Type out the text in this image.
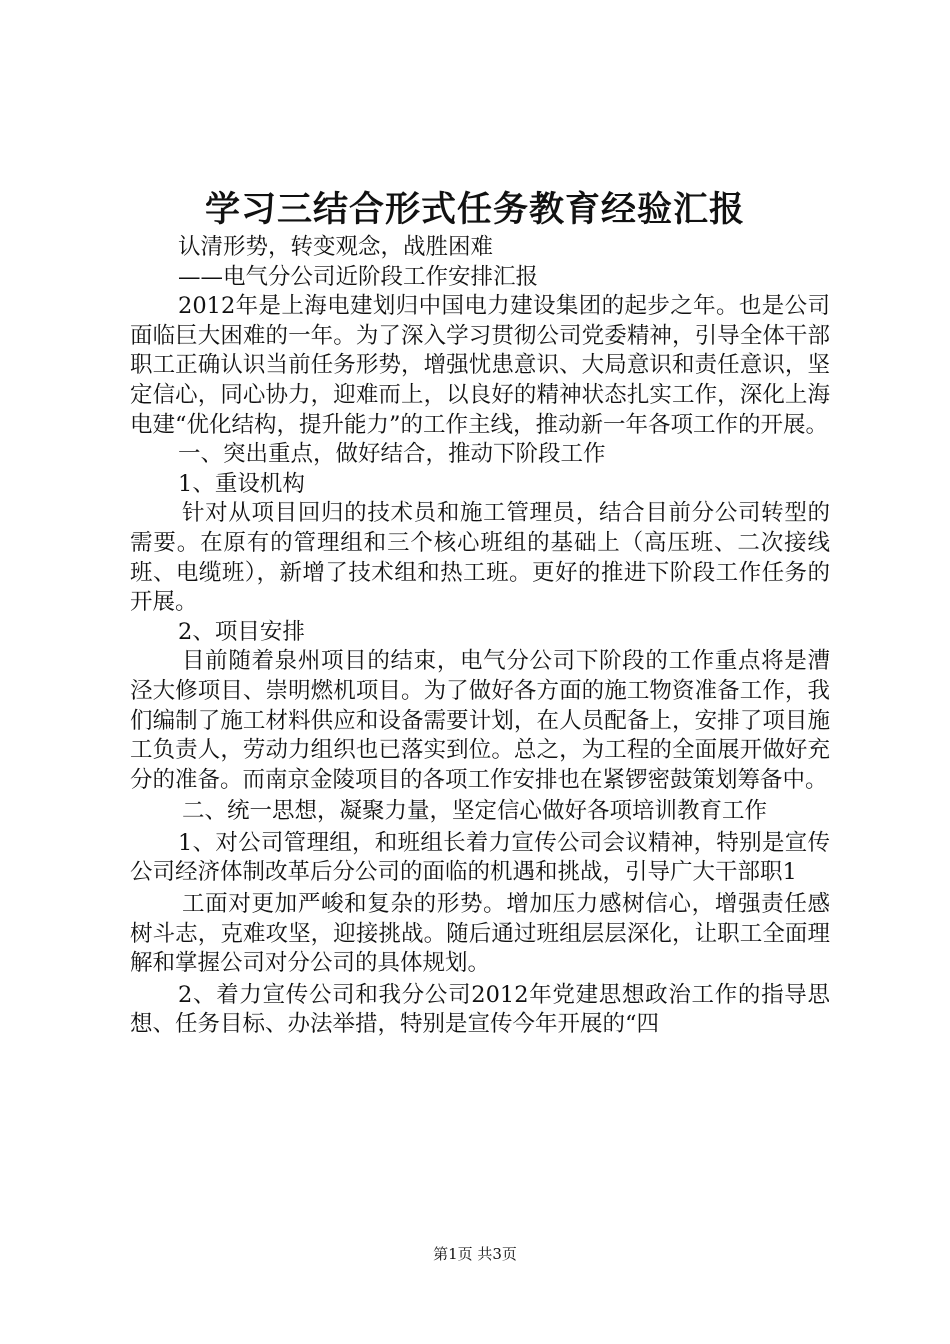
学习三结合形式任务教育经验汇报

认清形势，转变观念，战胜困难

——电气分公司近阶段工作安排汇报

2012年是上海电建划归中国电力建设集团的起步之年。也是公司面临巨大困难的一年。为了深入学习贯彻公司党委精神，引导全体干部职工正确认识当前任务形势，增强忧患意识、大局意识和责任意识，坚定信心，同心协力，迎难而上，以良好的精神状态扎实工作，深化上海电建“优化结构，提升能力”的工作主线，推动新一年各项工作的开展。

一、突出重点，做好结合，推动下阶段工作

1、重设机构

针对从项目回归的技术员和施工管理员，结合目前分公司转型的需要。在原有的管理组和三个核心班组的基础上（高压班、二次接线班、电缆班），新增了技术组和热工班。更好的推进下阶段工作任务的开展。

2、项目安排

目前随着泉州项目的结束，电气分公司下阶段的工作重点将是漕泾大修项目、崇明燃机项目。为了做好各方面的施工物资准备工作，我们编制了施工材料供应和设备需要计划，在人员配备上，安排了项目施工负责人，劳动力组织也已落实到位。总之，为工程的全面展开做好充分的准备。而南京金陵项目的各项工作安排也在紧锣密鼓策划筹备中。

二、统一思想，凝聚力量，坚定信心做好各项培训教育工作

1、对公司管理组，和班组长着力宣传公司会议精神，特别是宣传公司经济体制改革后分公司的面临的机遇和挑战，引导广大干部职1

工面对更加严峻和复杂的形势。增加压力感树信心，增强责任感树斗志，克难攻坚，迎接挑战。随后通过班组层层深化，让职工全面理解和掌握公司对分公司的具体规划。

2、着力宣传公司和我分公司2012年党建思想政治工作的指导思想、任务目标、办法举措，特别是宣传今年开展的“四

第1页 共3页
